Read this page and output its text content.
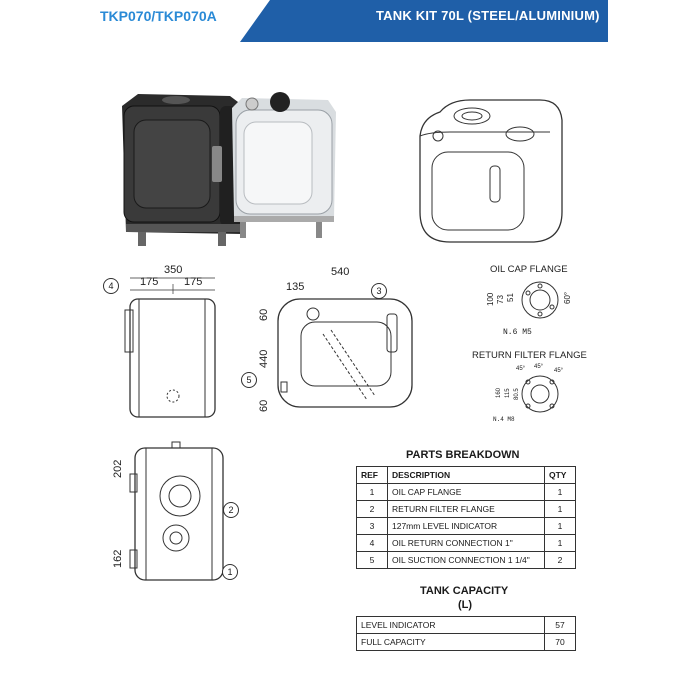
TKP070/TKP070A	TANK KIT 70L (STEEL/ALUMINIUM)
350
175 175
4
540
135
60
440
60
3
5
OIL CAP FLANGE
N.6 M5
100 73 51	60°
RETURN FILTER FLANGE
45° 45°
45°
160 115 80.5
N.4 M8
202
162
2
1
PARTS BREAKDOWN
REF	DESCRIPTION	QTY
1	OIL CAP FLANGE	1
2	RETURN FILTER FLANGE	1
3	127mm LEVEL INDICATOR	1
4	OIL RETURN CONNECTION 1"	1
5	OIL SUCTION CONNECTION 1 1/4"	2
TANK CAPACITY
(L)
LEVEL INDICATOR	57
FULL CAPACITY	70
